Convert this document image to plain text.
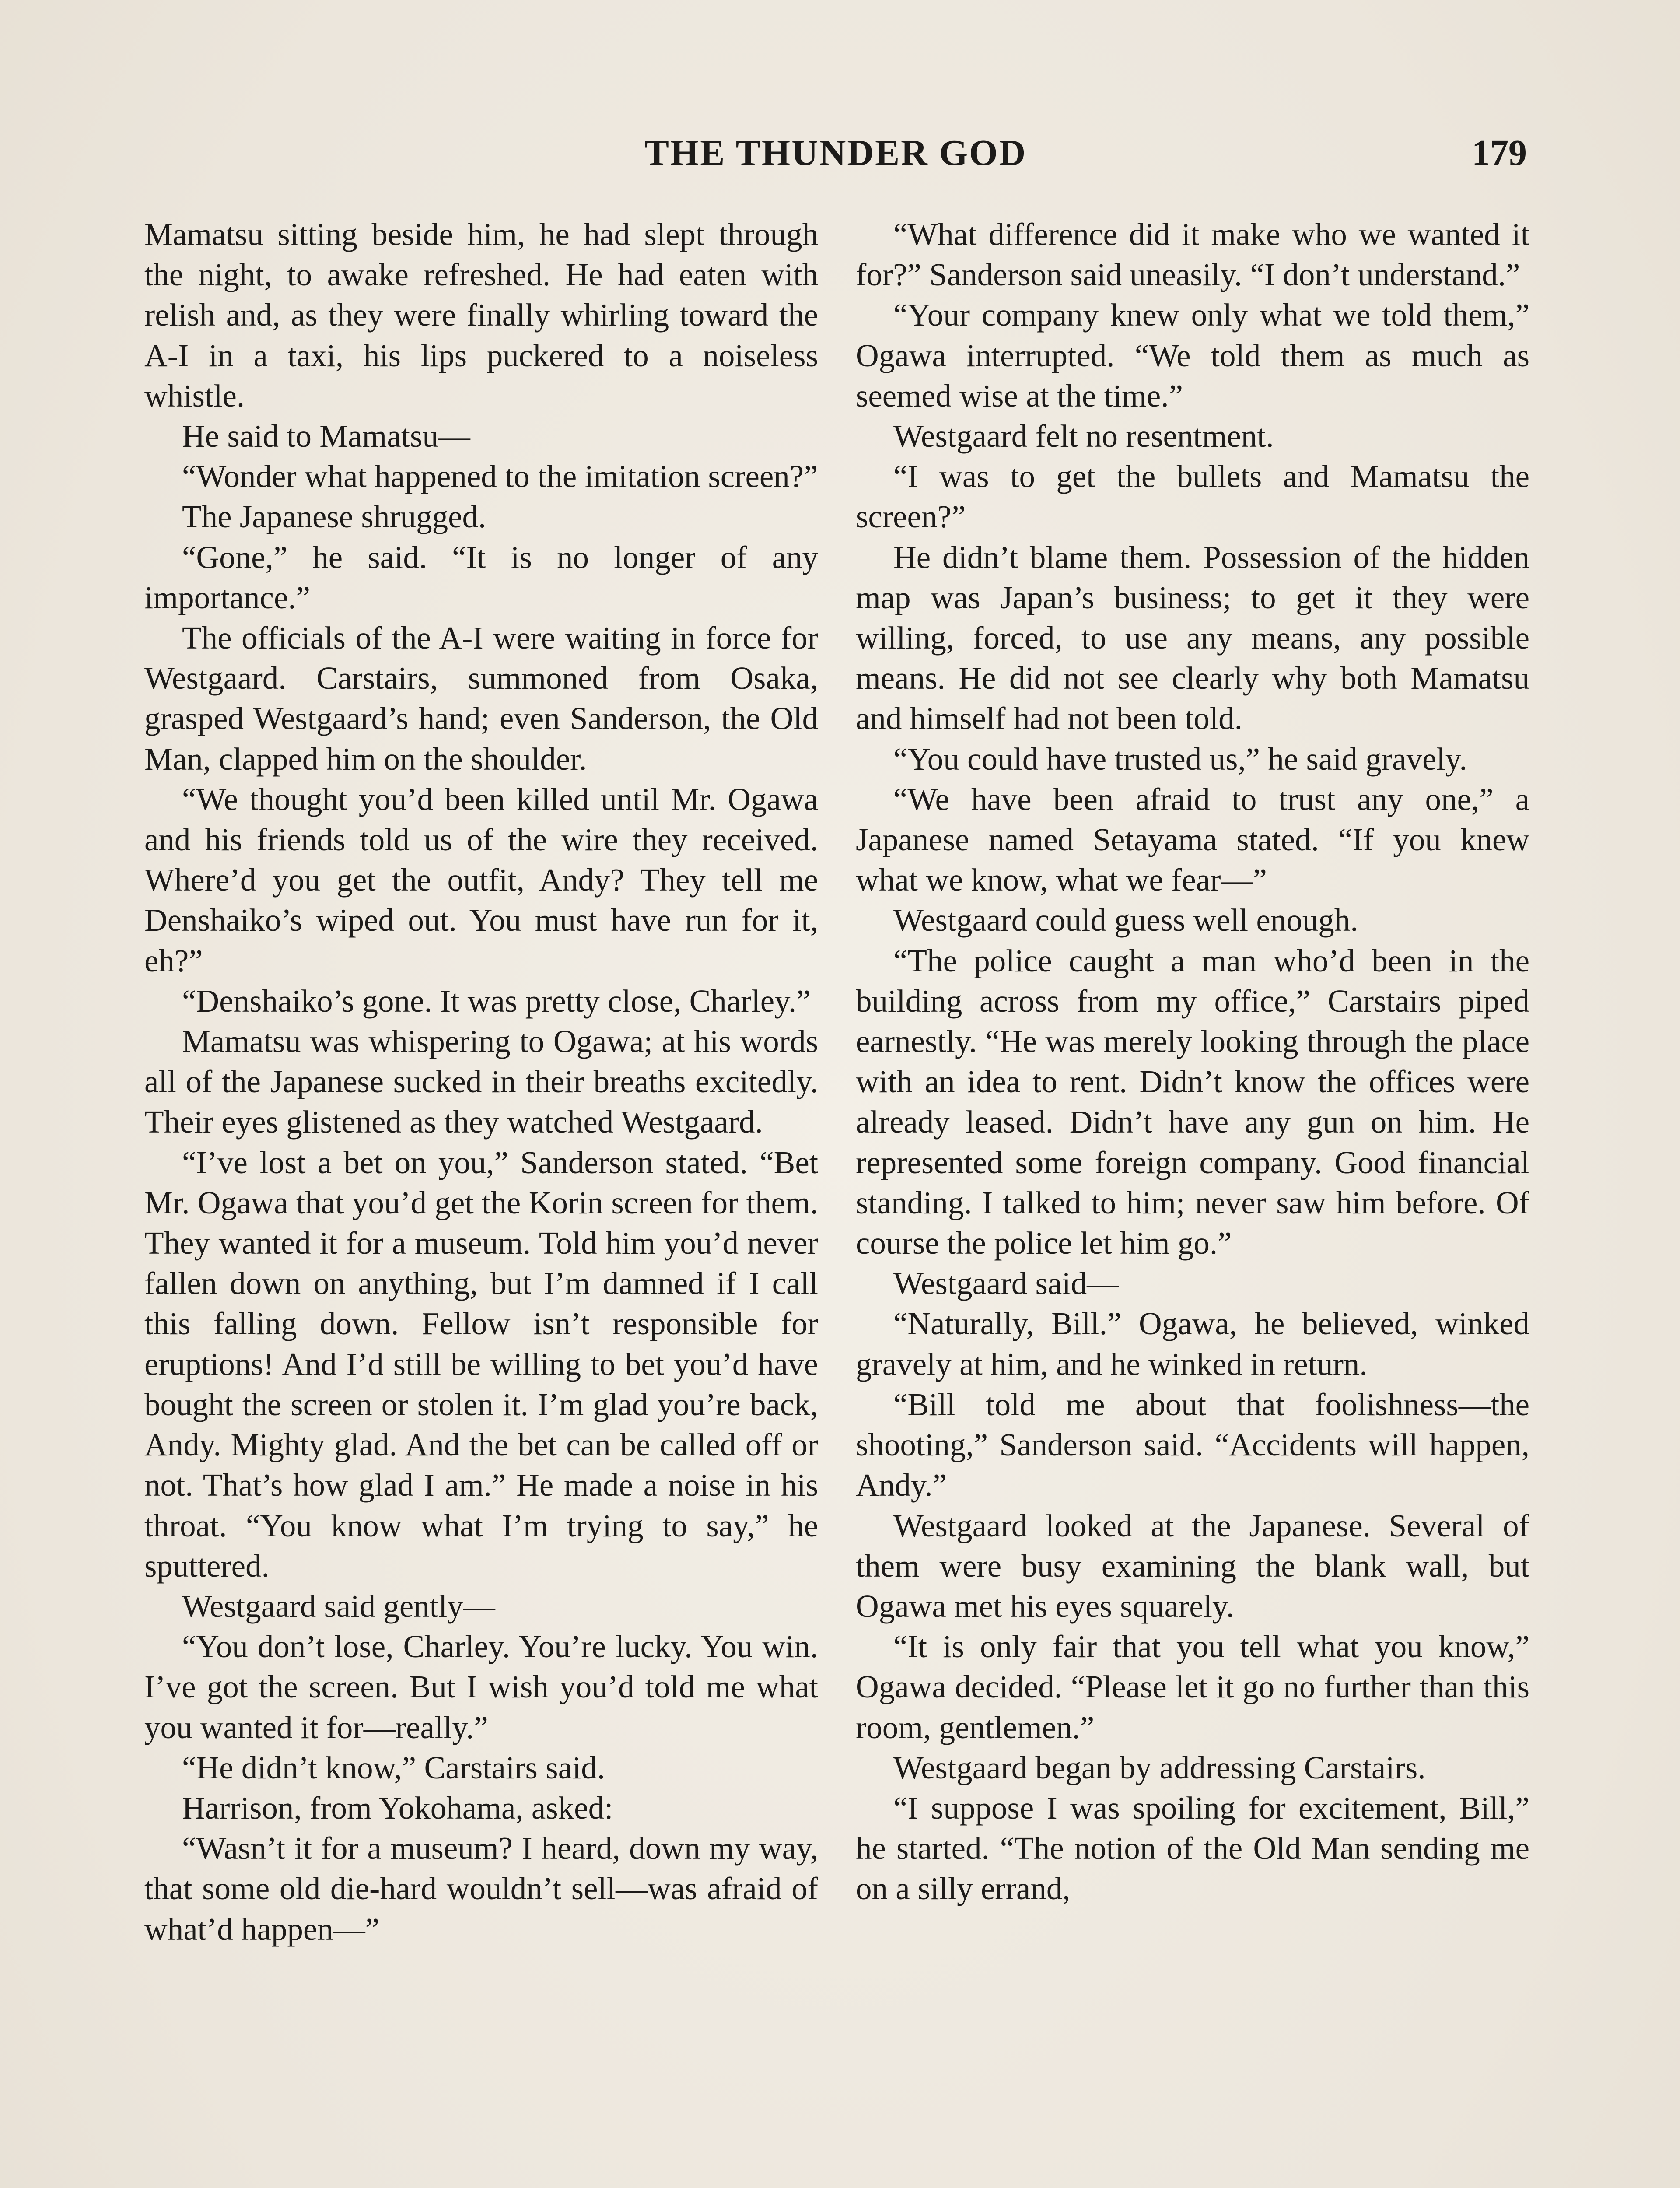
THE THUNDER GOD	179

Mamatsu sitting beside him, he had slept through the night, to awake refreshed. He had eaten with relish and, as they were finally whirling toward the A-I in a taxi, his lips puckered to a noiseless whistle.

He said to Mamatsu—

“Wonder what happened to the imitation screen?”

The Japanese shrugged.

“Gone,” he said. “It is no longer of any importance.”

The officials of the A-I were waiting in force for Westgaard. Carstairs, summoned from Osaka, grasped Westgaard’s hand; even Sanderson, the Old Man, clapped him on the shoulder.

“We thought you’d been killed until Mr. Ogawa and his friends told us of the wire they received. Where’d you get the outfit, Andy? They tell me Denshaiko’s wiped out. You must have run for it, eh?”

“Denshaiko’s gone. It was pretty close, Charley.”

Mamatsu was whispering to Ogawa; at his words all of the Japanese sucked in their breaths excitedly. Their eyes glistened as they watched Westgaard.

“I’ve lost a bet on you,” Sanderson stated. “Bet Mr. Ogawa that you’d get the Korin screen for them. They wanted it for a museum. Told him you’d never fallen down on anything, but I’m damned if I call this falling down. Fellow isn’t responsible for eruptions! And I’d still be willing to bet you’d have bought the screen or stolen it. I’m glad you’re back, Andy. Mighty glad. And the bet can be called off or not. That’s how glad I am.” He made a noise in his throat. “You know what I’m trying to say,” he sputtered.

Westgaard said gently—

“You don’t lose, Charley. You’re lucky. You win. I’ve got the screen. But I wish you’d told me what you wanted it for—really.”

“He didn’t know,” Carstairs said.

Harrison, from Yokohama, asked:

“Wasn’t it for a museum? I heard, down my way, that some old die-hard wouldn’t sell—was afraid of what’d happen—”

“What difference did it make who we wanted it for?” Sanderson said uneasily. “I don’t understand.”

“Your company knew only what we told them,” Ogawa interrupted. “We told them as much as seemed wise at the time.”

Westgaard felt no resentment.

“I was to get the bullets and Mamatsu the screen?”

He didn’t blame them. Possession of the hidden map was Japan’s business; to get it they were willing, forced, to use any means, any possible means. He did not see clearly why both Mamatsu and himself had not been told.

“You could have trusted us,” he said gravely.

“We have been afraid to trust any one,” a Japanese named Setayama stated. “If you knew what we know, what we fear—”

Westgaard could guess well enough.

“The police caught a man who’d been in the building across from my office,” Carstairs piped earnestly. “He was merely looking through the place with an idea to rent. Didn’t know the offices were already leased. Didn’t have any gun on him. He represented some foreign company. Good financial standing. I talked to him; never saw him before. Of course the police let him go.”

Westgaard said—

“Naturally, Bill.” Ogawa, he believed, winked gravely at him, and he winked in return.

“Bill told me about that foolishness—the shooting,” Sanderson said. “Accidents will happen, Andy.”

Westgaard looked at the Japanese. Several of them were busy examining the blank wall, but Ogawa met his eyes squarely.

“It is only fair that you tell what you know,” Ogawa decided. “Please let it go no further than this room, gentlemen.”

Westgaard began by addressing Carstairs.

“I suppose I was spoiling for excitement, Bill,” he started. “The notion of the Old Man sending me on a silly errand,
